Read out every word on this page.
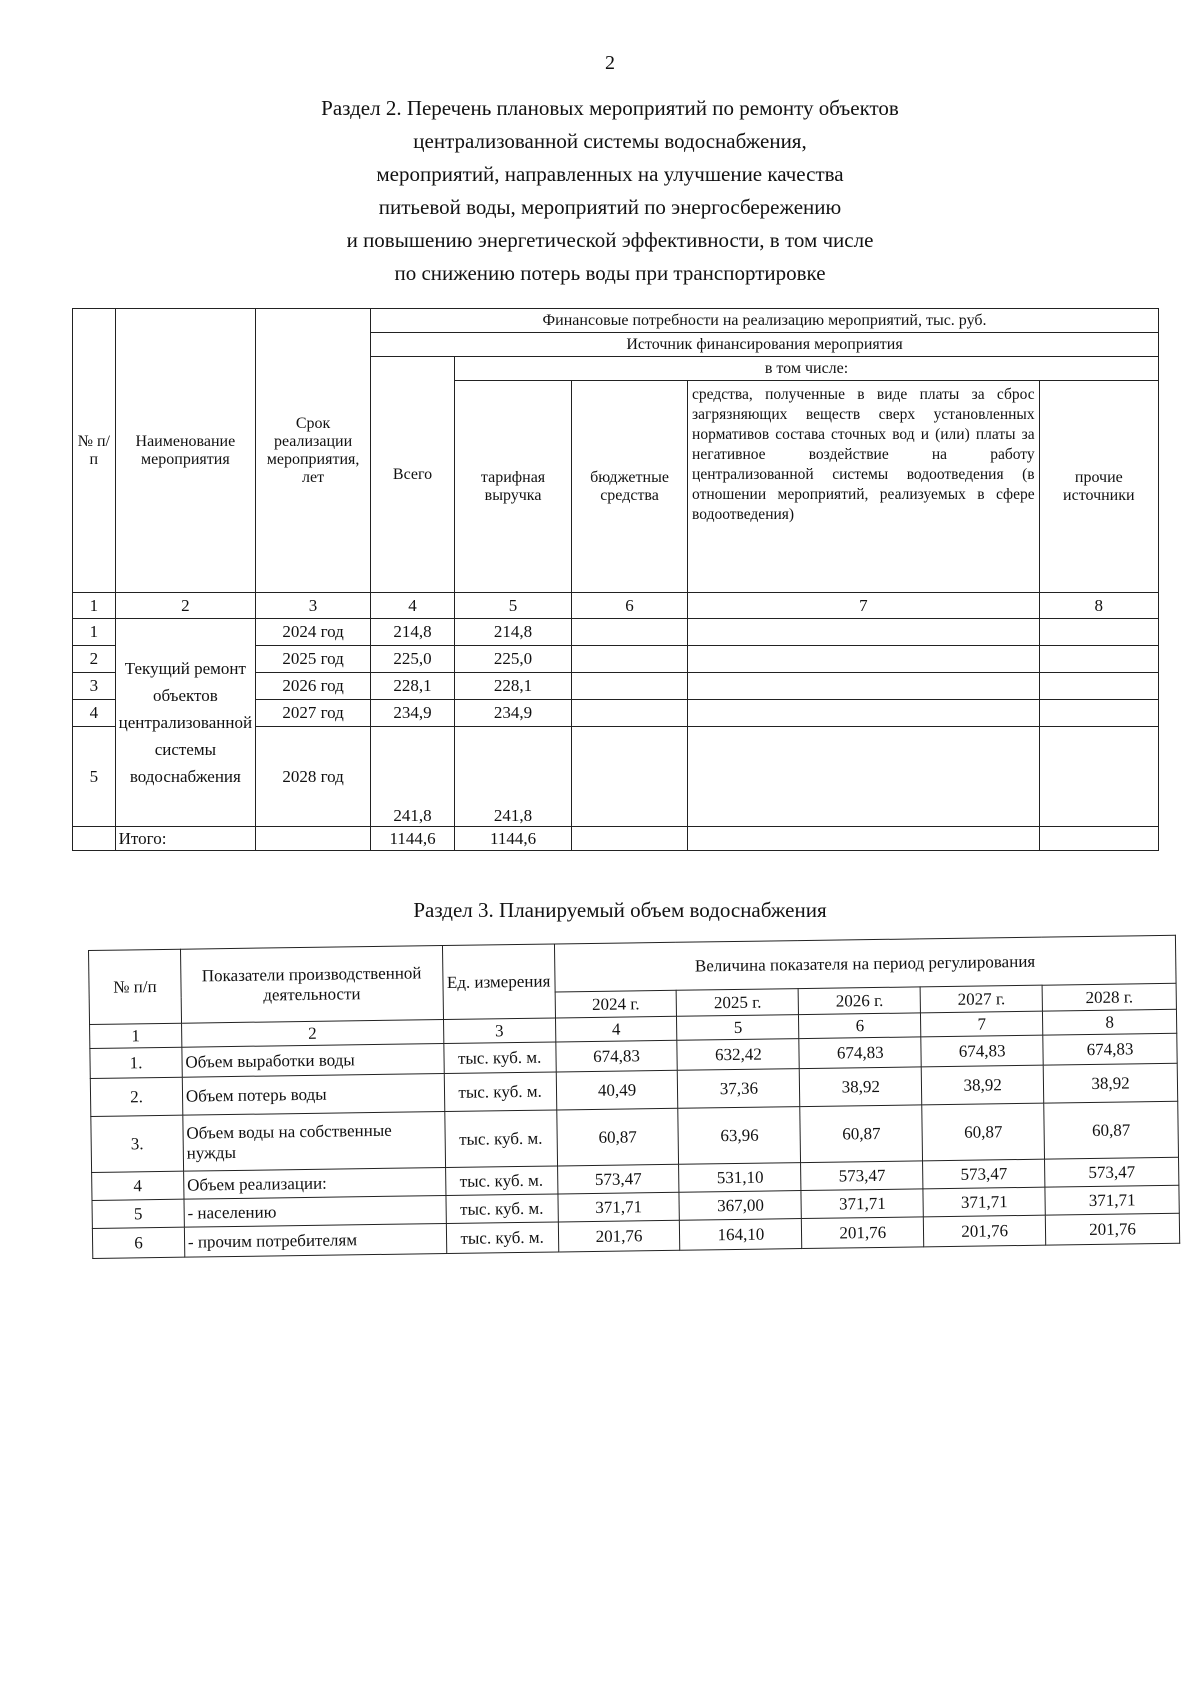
2
Раздел 2. Перечень плановых мероприятий по ремонту объектов
централизованной системы водоснабжения,
мероприятий, направленных на улучшение качества
питьевой воды, мероприятий по энергосбережению
и повышению энергетической эффективности, в том числе
по снижению потерь воды при транспортировке
№ п/п	Наименование мероприятия	Срок реализации мероприятия, лет	Финансовые потребности на реализацию мероприятий, тыс. руб.				
			Источник финансирования мероприятия				
			Всего	в том числе:			
				тарифная выручка	бюджетные средства	средства, полученные в виде платы за сброс загрязняющих веществ сверх установленных нормативов состава сточных вод и (или) платы за негативное воздействие на работу централизованной системы водоотведения (в отношении мероприятий, реализуемых в сфере водоотведения)	прочие источники
1	2	3	4	5	6	7	8
1	Текущий ремонт объектов централизованной системы водоснабжения	2024 год	214,8	214,8			
2		2025 год	225,0	225,0			
3		2026 год	228,1	228,1			
4		2027 год	234,9	234,9			
5		2028 год	241,8	241,8			
	Итого:		1144,6	1144,6			
Раздел 3. Планируемый объем водоснабжения
№ п/п	Показатели производственной деятельности	Ед. измерения	Величина показателя на период регулирования				
			2024 г.	2025 г.	2026 г.	2027 г.	2028 г.
1	2	3	4	5	6	7	8
1.	Объем выработки воды	тыс. куб. м.	674,83	632,42	674,83	674,83	674,83
2.	Объем потерь воды	тыс. куб. м.	40,49	37,36	38,92	38,92	38,92
3.	Объем воды на собственные нужды	тыс. куб. м.	60,87	63,96	60,87	60,87	60,87
4	Объем реализации:	тыс. куб. м.	573,47	531,10	573,47	573,47	573,47
5	- населению	тыс. куб. м.	371,71	367,00	371,71	371,71	371,71
6	- прочим потребителям	тыс. куб. м.	201,76	164,10	201,76	201,76	201,76
